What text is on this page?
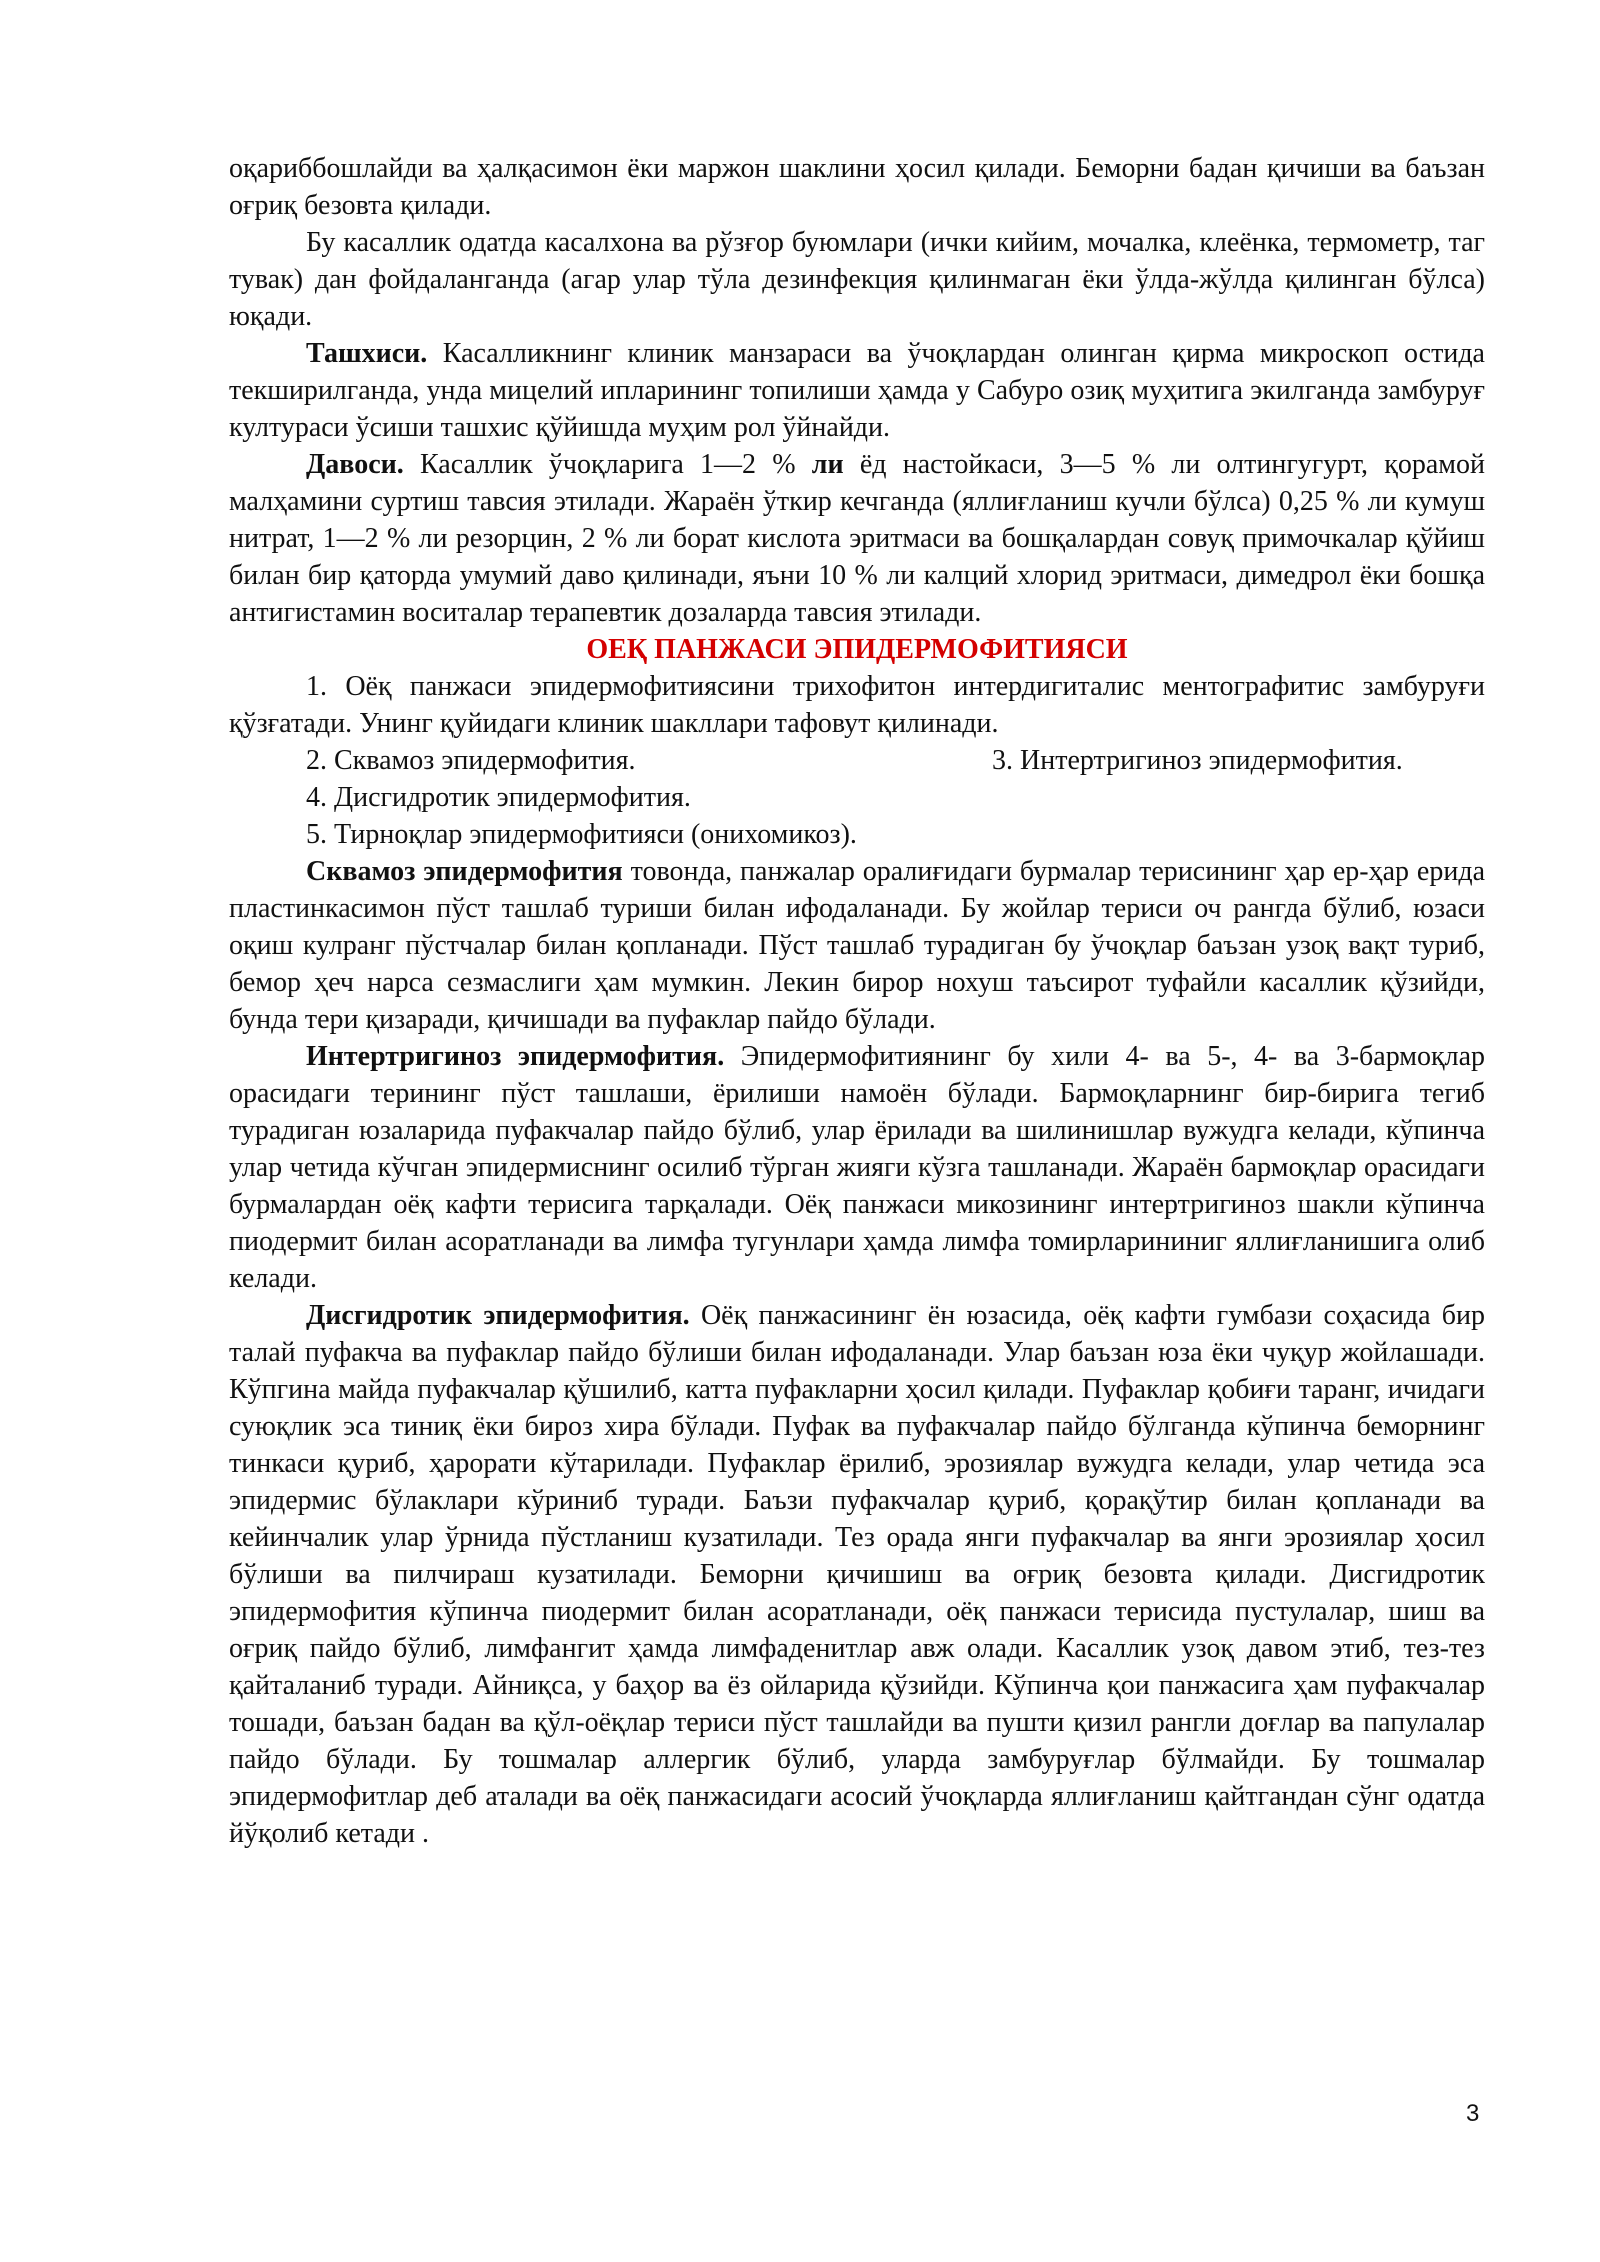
оқариббошлайди ва ҳалқасимон ёки маржон шаклини ҳосил қилади. Беморни бадан қичиши ва баъзан оғриқ безовта қилади.

Бу касаллик одатда касалхона ва рўзғор буюмлари (ички кийим, мочалка, клеёнка, термометр, таг тувак) дан фойдаланганда (агар улар тўла дезинфекция қилинмаган ёки ўлда-жўлда қилинган бўлса) юқади.

Ташхиси. Касалликнинг клиник манзараси ва ўчоқлардан олинган қирма микроскоп остида текширилганда, унда мицелий ипларининг топилиши ҳамда у Сабуро озиқ муҳитига экилганда замбуруғ култураси ўсиши ташхис қўйишда муҳим рол ўйнайди.

Давоси. Касаллик ўчоқларига 1—2 % ли ёд настойкаси, 3—5 % ли олтингугурт, қорамой малҳамини суртиш тавсия этилади. Жараён ўткир кечганда (яллиғланиш кучли бўлса) 0,25 % ли кумуш нитрат, 1—2 % ли резорцин, 2 % ли борат кислота эритмаси ва бошқалардан совуқ примочкалар қўйиш билан бир қаторда умумий даво қилинади, яъни 10 % ли калций хлорид эритмаси, димедрол ёки бошқа антигистамин воситалар терапевтик дозаларда тавсия этилади.

ОЕҚ ПАНЖАСИ ЭПИДЕРМОФИТИЯСИ

1. Оёқ панжаси эпидермофитиясини трихофитон интердигиталис ментографитис замбуруғи қўзғатади. Унинг қуйидаги клиник шакллари тафовут қилинади.

2. Сквамоз эпидермофития.	3. Интертригиноз эпидермофития.
4. Дисгидротик эпидермофития.
5. Тирноқлар эпидермофитияси (онихомикоз).

Сквамоз эпидермофития товонда, панжалар оралиғидаги бурмалар терисининг ҳар ер-ҳар ерида пластинкасимон пўст ташлаб туриши билан ифодаланади. Бу жойлар териси оч рангда бўлиб, юзаси оқиш кулранг пўстчалар билан қопланади. Пўст ташлаб турадиган бу ўчоқлар баъзан узоқ вақт туриб, бемор ҳеч нарса сезмаслиги ҳам мумкин. Лекин бирор нохуш таъсирот туфайли касаллик қўзийди, бунда тери қизаради, қичишади ва пуфаклар пайдо бўлади.

Интертригиноз эпидермофития. Эпидермофитиянинг бу хили 4- ва 5-, 4- ва 3-бармоқлар орасидаги терининг пўст ташлаши, ёрилиши намоён бўлади. Бармоқларнинг бир-бирига тегиб турадиган юзаларида пуфакчалар пайдо бўлиб, улар ёрилади ва шилинишлар вужудга келади, кўпинча улар четида кўчган эпидермиснинг осилиб тўрган жияги кўзга ташланади. Жараён бармоқлар орасидаги бурмалардан оёқ кафти терисига тарқалади. Оёқ панжаси микозининг интертригиноз шакли кўпинча пиодермит билан асоратланади ва лимфа тугунлари ҳамда лимфа томирларининиг яллиғланишига олиб келади.

Дисгидротик эпидермофития. Оёқ панжасининг ён юзасида, оёқ кафти гумбази соҳасида бир талай пуфакча ва пуфаклар пайдо бўлиши билан ифодаланади. Улар баъзан юза ёки чуқур жойлашади. Кўпгина майда пуфакчалар қўшилиб, катта пуфакларни ҳосил қилади. Пуфаклар қобиғи таранг, ичидаги суюқлик эса тиниқ ёки бироз хира бўлади. Пуфак ва пуфакчалар пайдо бўлганда кўпинча беморнинг тинкаси қуриб, ҳарорати кўтарилади. Пуфаклар ёрилиб, эрозиялар вужудга келади, улар четида эса эпидермис бўлаклари кўриниб туради. Баъзи пуфакчалар қуриб, қорақўтир билан қопланади ва кейинчалик улар ўрнида пўстланиш кузатилади. Тез орада янги пуфакчалар ва янги эрозиялар ҳосил бўлиши ва пилчираш кузатилади. Беморни қичишиш ва оғриқ безовта қилади. Дисгидротик эпидермофития кўпинча пиодермит билан асоратланади, оёқ панжаси терисида пустулалар, шиш ва оғриқ пайдо бўлиб, лимфангит ҳамда лимфаденитлар авж олади. Касаллик узоқ давом этиб, тез-тез қайталаниб туради. Айниқса, у баҳор ва ёз ойларида қўзийди. Кўпинча қои панжасига ҳам пуфакчалар тошади, баъзан бадан ва қўл-оёқлар териси пўст ташлайди ва пушти қизил рангли доғлар ва папулалар пайдо бўлади. Бу тошмалар аллергик бўлиб, уларда замбуруғлар бўлмайди. Бу тошмалар эпидермофитлар деб аталади ва оёқ панжасидаги асосий ўчоқларда яллиғланиш қайтгандан сўнг одатда йўқолиб кетади .

3
